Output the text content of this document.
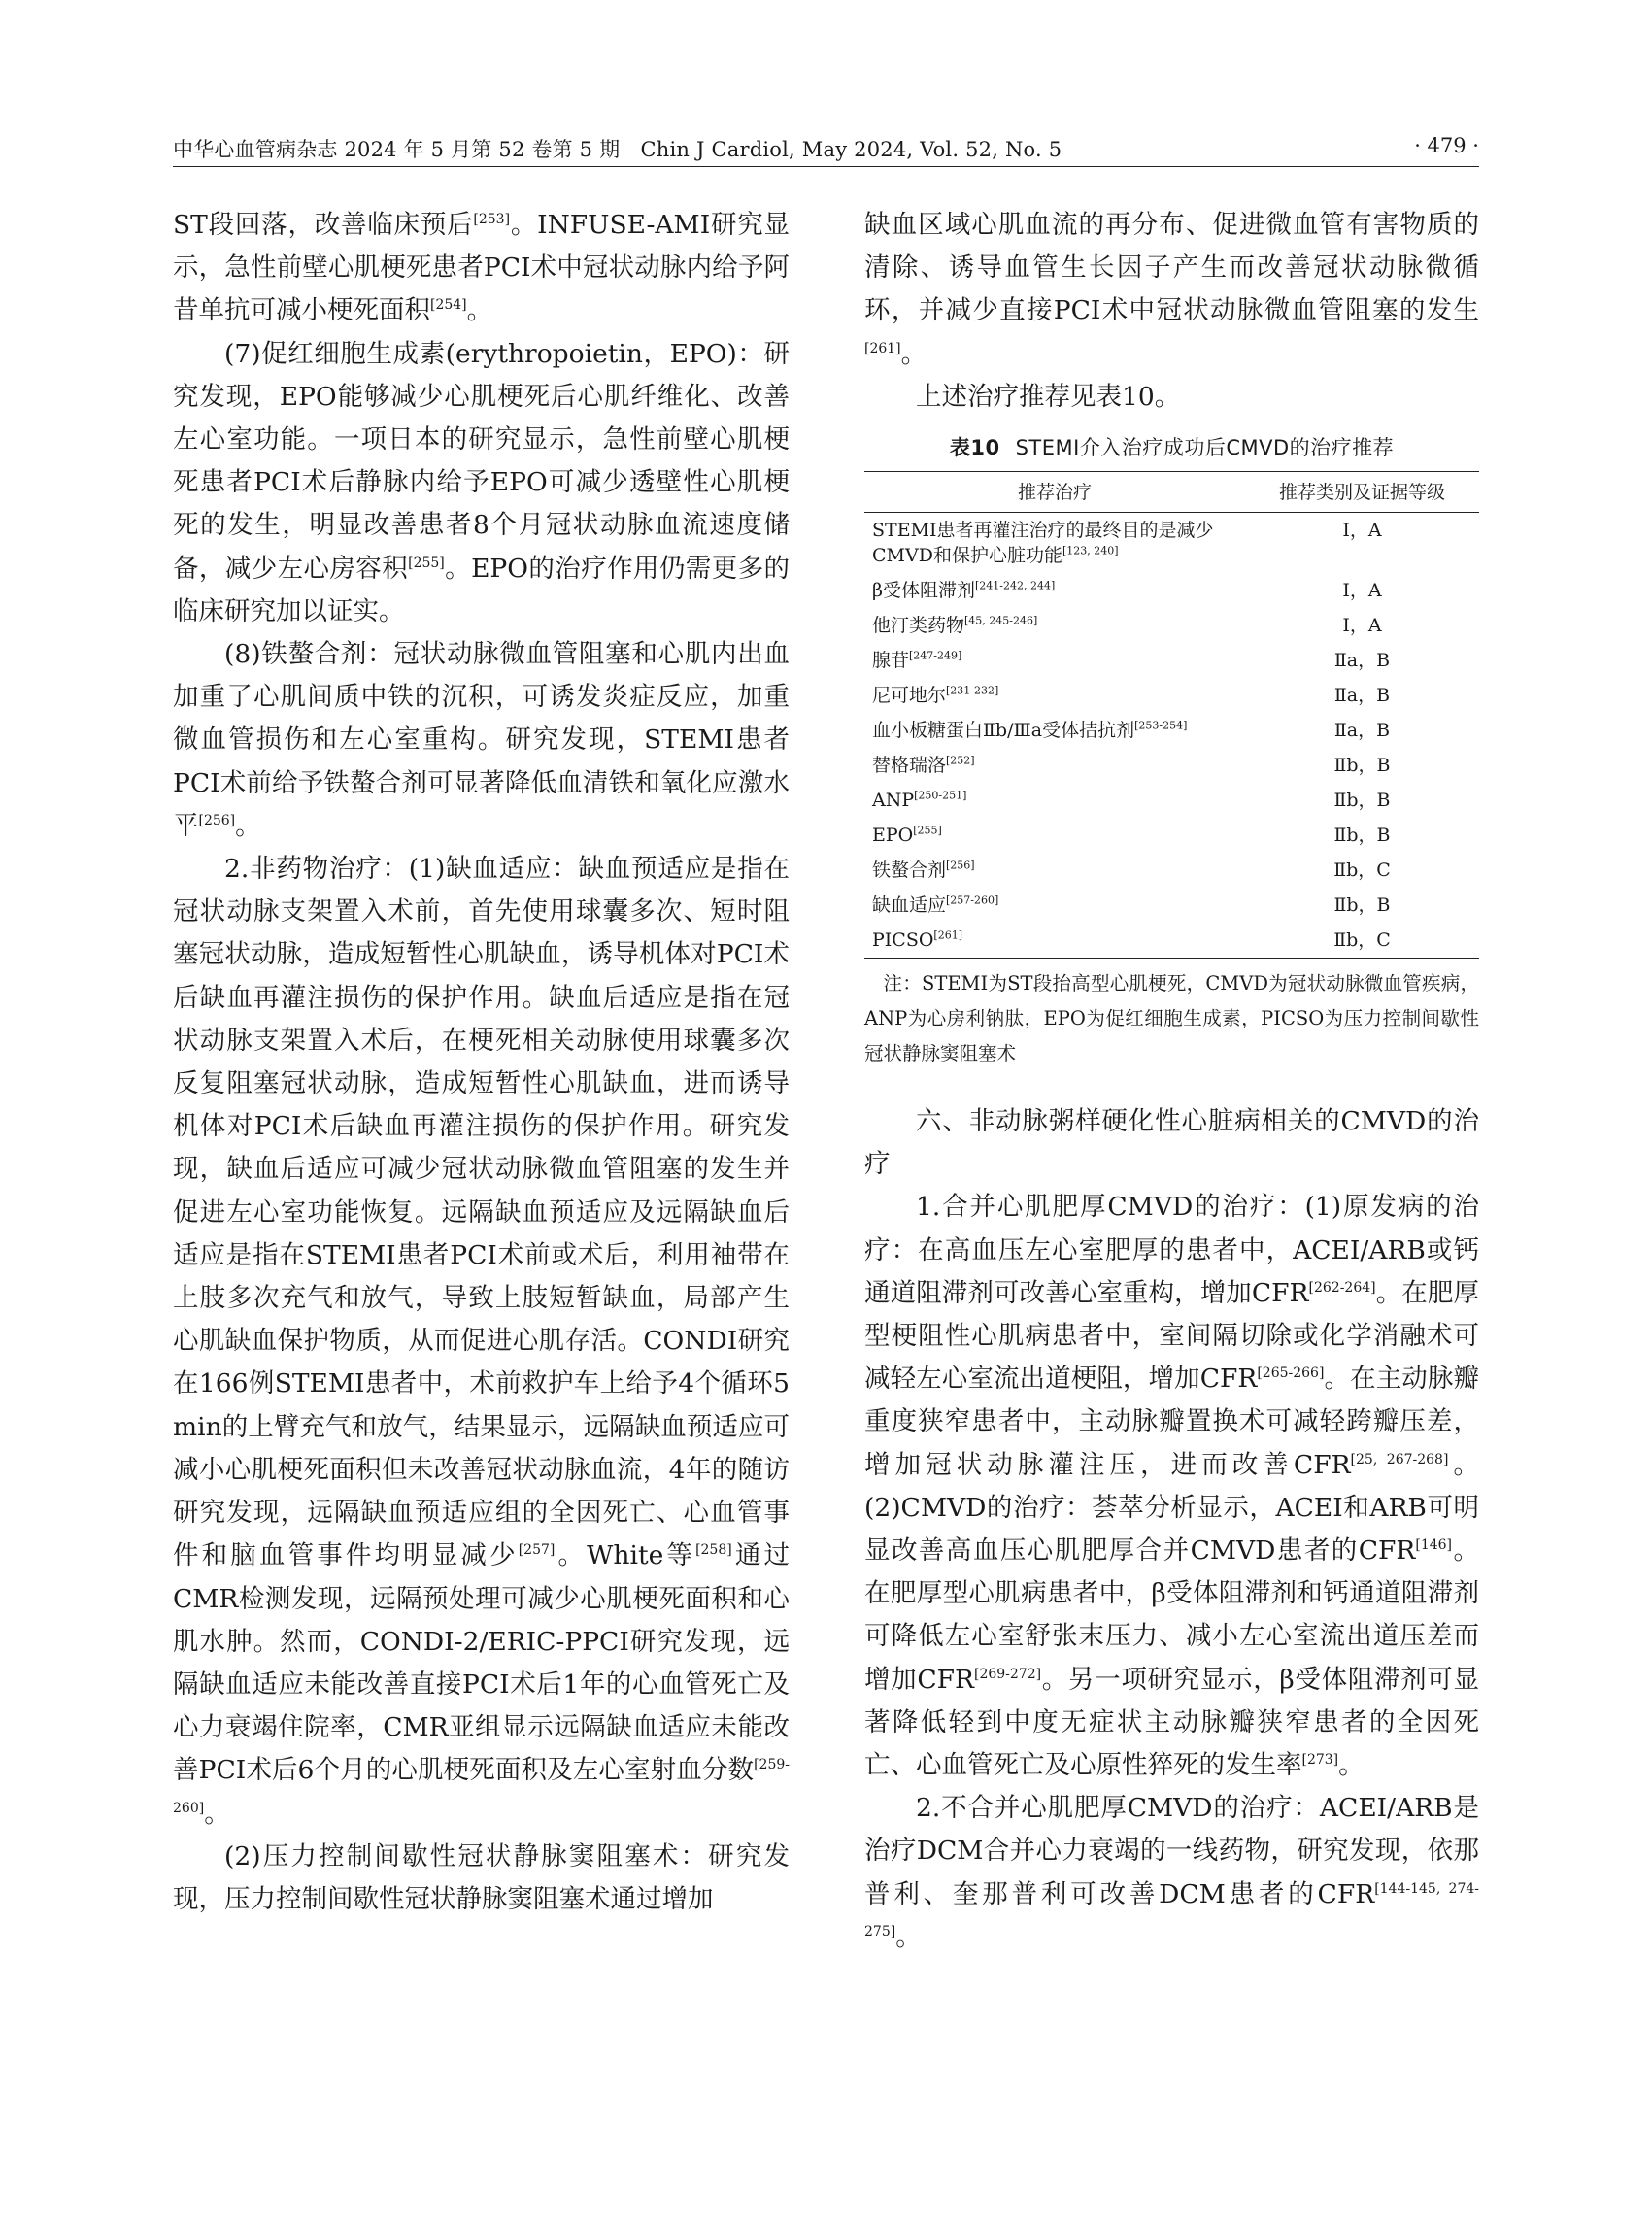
中华心血管病杂志 2024 年 5 月第 52 卷第 5 期　Chin J Cardiol, May 2024, Vol. 52, No. 5	· 479 ·

ST段回落，改善临床预后[253]。INFUSE-AMI研究显示，急性前壁心肌梗死患者PCI术中冠状动脉内给予阿昔单抗可减小梗死面积[254]。

(7)促红细胞生成素(erythropoietin，EPO)：研究发现，EPO能够减少心肌梗死后心肌纤维化、改善左心室功能。一项日本的研究显示，急性前壁心肌梗死患者PCI术后静脉内给予EPO可减少透壁性心肌梗死的发生，明显改善患者8个月冠状动脉血流速度储备，减少左心房容积[255]。EPO的治疗作用仍需更多的临床研究加以证实。

(8)铁螯合剂：冠状动脉微血管阻塞和心肌内出血加重了心肌间质中铁的沉积，可诱发炎症反应，加重微血管损伤和左心室重构。研究发现，STEMI患者PCI术前给予铁螯合剂可显著降低血清铁和氧化应激水平[256]。

2.非药物治疗：(1)缺血适应：缺血预适应是指在冠状动脉支架置入术前，首先使用球囊多次、短时阻塞冠状动脉，造成短暂性心肌缺血，诱导机体对PCI术后缺血再灌注损伤的保护作用。缺血后适应是指在冠状动脉支架置入术后，在梗死相关动脉使用球囊多次反复阻塞冠状动脉，造成短暂性心肌缺血，进而诱导机体对PCI术后缺血再灌注损伤的保护作用。研究发现，缺血后适应可减少冠状动脉微血管阻塞的发生并促进左心室功能恢复。远隔缺血预适应及远隔缺血后适应是指在STEMI患者PCI术前或术后，利用袖带在上肢多次充气和放气，导致上肢短暂缺血，局部产生心肌缺血保护物质，从而促进心肌存活。CONDI研究在166例STEMI患者中，术前救护车上给予4个循环5 min的上臂充气和放气，结果显示，远隔缺血预适应可减小心肌梗死面积但未改善冠状动脉血流，4年的随访研究发现，远隔缺血预适应组的全因死亡、心血管事件和脑血管事件均明显减少[257]。White等[258]通过CMR检测发现，远隔预处理可减少心肌梗死面积和心肌水肿。然而，CONDI-2/ERIC-PPCI研究发现，远隔缺血适应未能改善直接PCI术后1年的心血管死亡及心力衰竭住院率，CMR亚组显示远隔缺血适应未能改善PCI术后6个月的心肌梗死面积及左心室射血分数[259-260]。

(2)压力控制间歇性冠状静脉窦阻塞术：研究发现，压力控制间歇性冠状静脉窦阻塞术通过增加

缺血区域心肌血流的再分布、促进微血管有害物质的清除、诱导血管生长因子产生而改善冠状动脉微循环，并减少直接PCI术中冠状动脉微血管阻塞的发生[261]。

上述治疗推荐见表10。

表10 STEMI介入治疗成功后CMVD的治疗推荐
推荐治疗	推荐类别及证据等级
STEMI患者再灌注治疗的最终目的是减少CMVD和保护心脏功能[123, 240]	Ⅰ，A
β受体阻滞剂[241-242, 244]	Ⅰ，A
他汀类药物[45, 245-246]	Ⅰ，A
腺苷[247-249]	Ⅱa，B
尼可地尔[231-232]	Ⅱa，B
血小板糖蛋白Ⅱb/Ⅲa受体拮抗剂[253-254]	Ⅱa，B
替格瑞洛[252]	Ⅱb，B
ANP[250-251]	Ⅱb，B
EPO[255]	Ⅱb，B
铁螯合剂[256]	Ⅱb，C
缺血适应[257-260]	Ⅱb，B
PICSO[261]	Ⅱb，C

注：STEMI为ST段抬高型心肌梗死，CMVD为冠状动脉微血管疾病，ANP为心房利钠肽，EPO为促红细胞生成素，PICSO为压力控制间歇性冠状静脉窦阻塞术

六、非动脉粥样硬化性心脏病相关的CMVD的治疗

1.合并心肌肥厚CMVD的治疗：(1)原发病的治疗：在高血压左心室肥厚的患者中，ACEI/ARB或钙通道阻滞剂可改善心室重构，增加CFR[262-264]。在肥厚型梗阻性心肌病患者中，室间隔切除或化学消融术可减轻左心室流出道梗阻，增加CFR[265-266]。在主动脉瓣重度狭窄患者中，主动脉瓣置换术可减轻跨瓣压差，增加冠状动脉灌注压，进而改善CFR[25, 267-268]。(2)CMVD的治疗：荟萃分析显示，ACEI和ARB可明显改善高血压心肌肥厚合并CMVD患者的CFR[146]。在肥厚型心肌病患者中，β受体阻滞剂和钙通道阻滞剂可降低左心室舒张末压力、减小左心室流出道压差而增加CFR[269-272]。另一项研究显示，β受体阻滞剂可显著降低轻到中度无症状主动脉瓣狭窄患者的全因死亡、心血管死亡及心原性猝死的发生率[273]。

2.不合并心肌肥厚CMVD的治疗：ACEI/ARB是治疗DCM合并心力衰竭的一线药物，研究发现，依那普利、奎那普利可改善DCM患者的CFR[144-145, 274-275]。
